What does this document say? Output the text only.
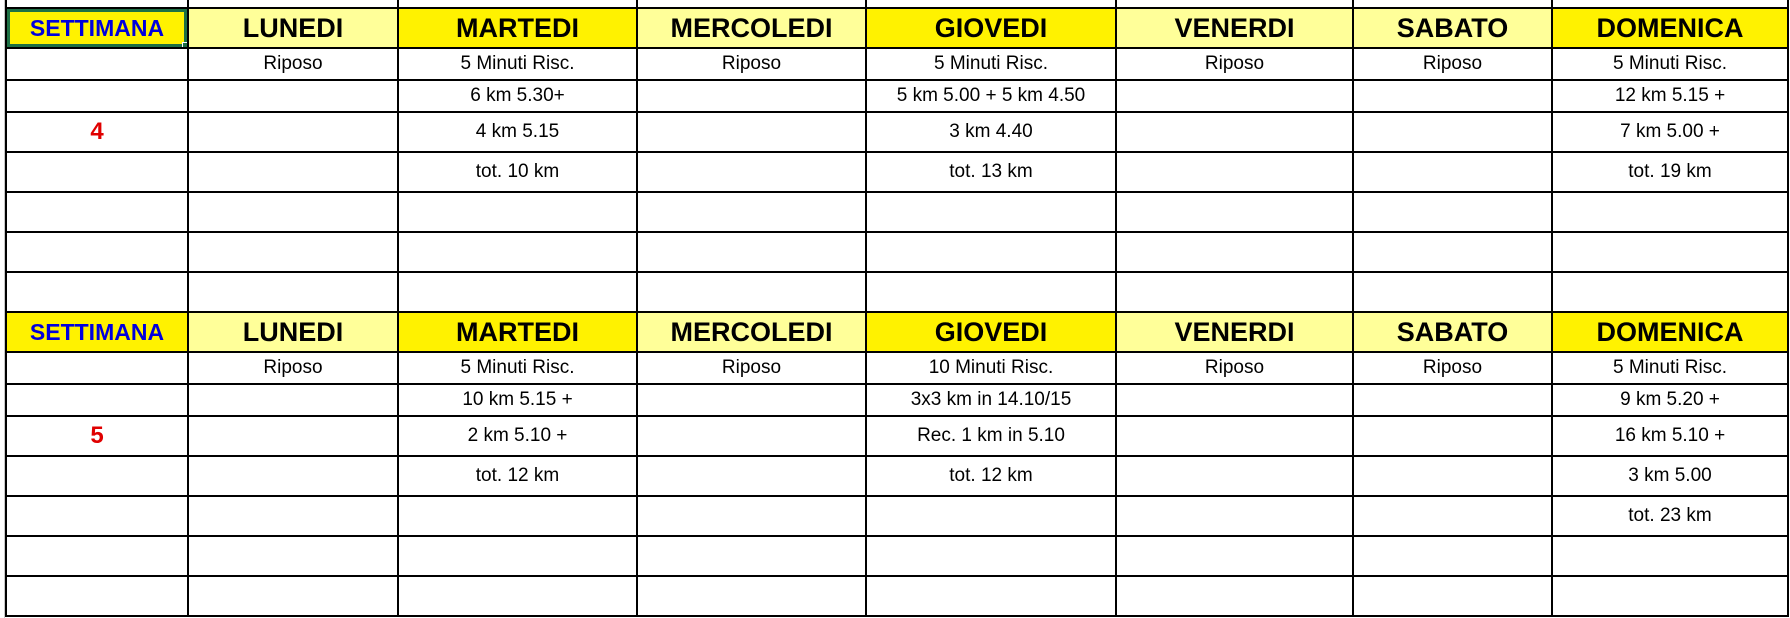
SETTIMANA	LUNEDI	MARTEDI	MERCOLEDI	GIOVEDI	VENERDI	SABATO	DOMENICA
	Riposo	5 Minuti Risc.	Riposo	5 Minuti Risc.	Riposo	Riposo	5 Minuti Risc.
		6 km 5.30+		5 km 5.00 + 5 km 4.50			12 km 5.15 +
4		4 km 5.15		3 km 4.40			7 km 5.00 +
		tot. 10 km		tot. 13 km			tot. 19 km

SETTIMANA	LUNEDI	MARTEDI	MERCOLEDI	GIOVEDI	VENERDI	SABATO	DOMENICA
	Riposo	5 Minuti Risc.	Riposo	10 Minuti Risc.	Riposo	Riposo	5 Minuti Risc.
		10 km 5.15 +		3x3 km in 14.10/15			9 km 5.20 +
5		2 km 5.10 +		Rec. 1 km in 5.10			16 km 5.10 +
		tot. 12 km		tot. 12 km			3 km 5.00
							tot. 23 km
